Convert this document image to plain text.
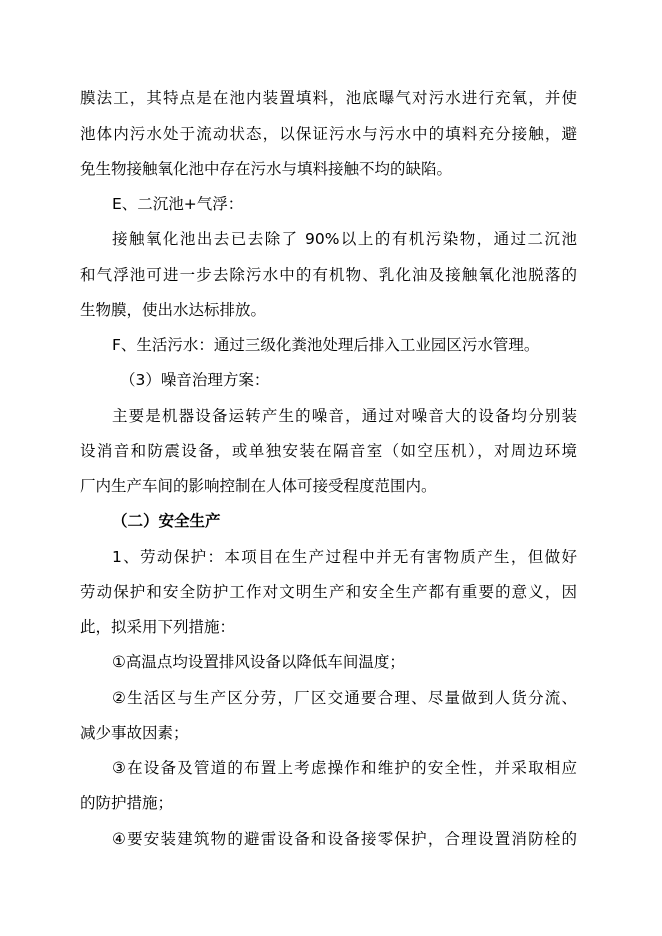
膜法工，其特点是在池内装置填料，池底曝气对污水进行充氧，并使
池体内污水处于流动状态，以保证污水与污水中的填料充分接触，避
免生物接触氧化池中存在污水与填料接触不均的缺陷。
E、二沉池+气浮：
接触氧化池出去已去除了 90%以上的有机污染物，通过二沉池
和气浮池可进一步去除污水中的有机物、乳化油及接触氧化池脱落的
生物膜，使出水达标排放。
F、生活污水：通过三级化粪池处理后排入工业园区污水管理。
（3）噪音治理方案：
主要是机器设备运转产生的噪音，通过对噪音大的设备均分别装
设消音和防震设备，或单独安装在隔音室（如空压机），对周边环境
厂内生产车间的影响控制在人体可接受程度范围内。
（二）安全生产
1、劳动保护：本项目在生产过程中并无有害物质产生，但做好
劳动保护和安全防护工作对文明生产和安全生产都有重要的意义，因
此，拟采用下列措施：
①高温点均设置排风设备以降低车间温度；
②生活区与生产区分劳，厂区交通要合理、尽量做到人货分流、
减少事故因素；
③在设备及管道的布置上考虑操作和维护的安全性，并采取相应
的防护措施；
④要安装建筑物的避雷设备和设备接零保护，合理设置消防栓的
